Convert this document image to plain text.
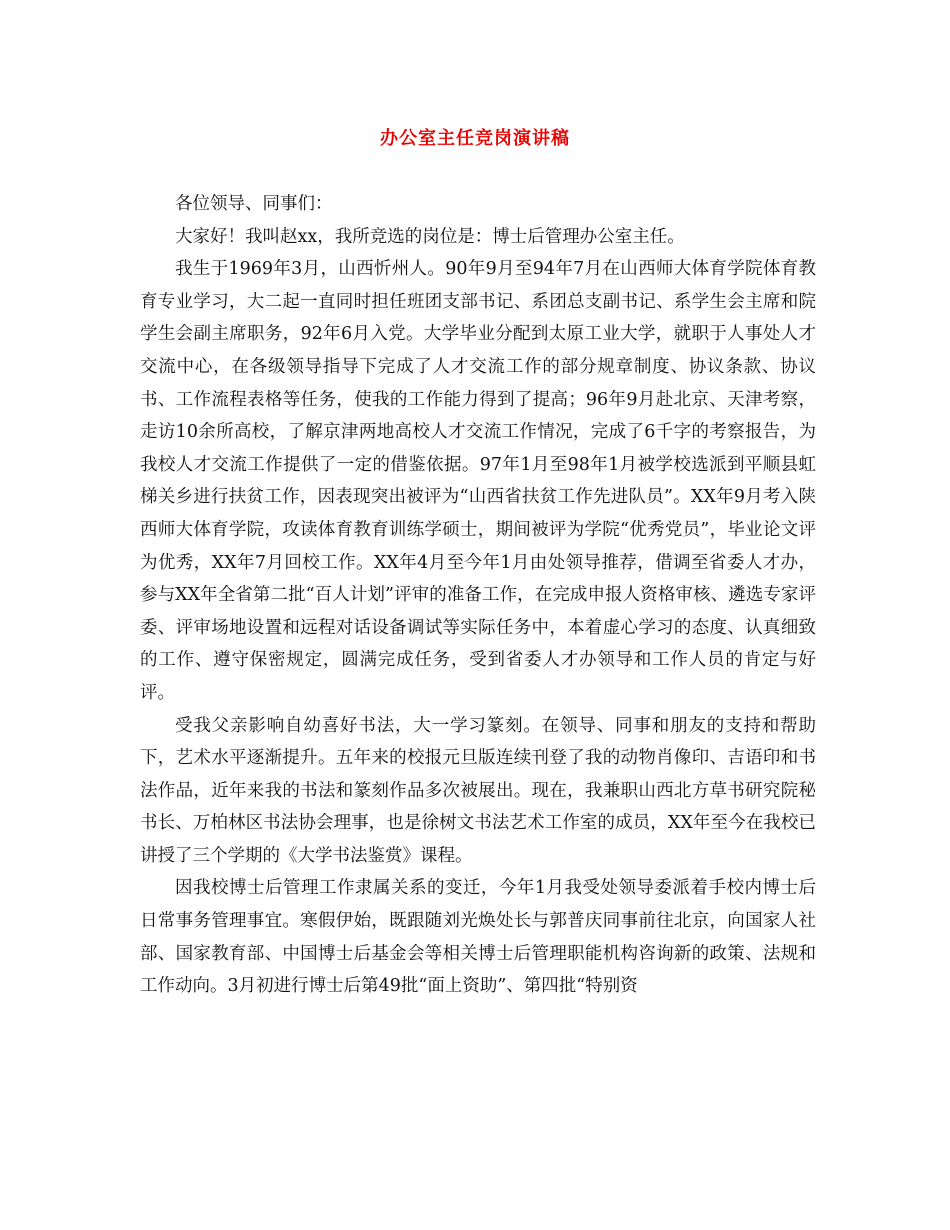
办公室主任竞岗演讲稿

各位领导、同事们：

大家好！我叫赵xx，我所竞选的岗位是：博士后管理办公室主任。

我生于1969年3月，山西忻州人。90年9月至94年7月在山西师大体育学院体育教育专业学习，大二起一直同时担任班团支部书记、系团总支副书记、系学生会主席和院学生会副主席职务，92年6月入党。大学毕业分配到太原工业大学，就职于人事处人才交流中心，在各级领导指导下完成了人才交流工作的部分规章制度、协议条款、协议书、工作流程表格等任务，使我的工作能力得到了提高；96年9月赴北京、天津考察，走访10余所高校，了解京津两地高校人才交流工作情况，完成了6千字的考察报告，为我校人才交流工作提供了一定的借鉴依据。97年1月至98年1月被学校选派到平顺县虹梯关乡进行扶贫工作，因表现突出被评为“山西省扶贫工作先进队员”。XX年9月考入陕西师大体育学院，攻读体育教育训练学硕士，期间被评为学院“优秀党员”，毕业论文评为优秀，XX年7月回校工作。XX年4月至今年1月由处领导推荐，借调至省委人才办，参与XX年全省第二批“百人计划”评审的准备工作，在完成申报人资格审核、遴选专家评委、评审场地设置和远程对话设备调试等实际任务中，本着虚心学习的态度、认真细致的工作、遵守保密规定，圆满完成任务，受到省委人才办领导和工作人员的肯定与好评。

受我父亲影响自幼喜好书法，大一学习篆刻。在领导、同事和朋友的支持和帮助下，艺术水平逐渐提升。五年来的校报元旦版连续刊登了我的动物肖像印、吉语印和书法作品，近年来我的书法和篆刻作品多次被展出。现在，我兼职山西北方草书研究院秘书长、万柏林区书法协会理事，也是徐树文书法艺术工作室的成员，XX年至今在我校已讲授了三个学期的《大学书法鉴赏》课程。

因我校博士后管理工作隶属关系的变迁，今年1月我受处领导委派着手校内博士后日常事务管理事宜。寒假伊始，既跟随刘光焕处长与郭普庆同事前往北京，向国家人社部、国家教育部、中国博士后基金会等相关博士后管理职能机构咨询新的政策、法规和工作动向。3月初进行博士后第49批“面上资助”、第四批“特别资
